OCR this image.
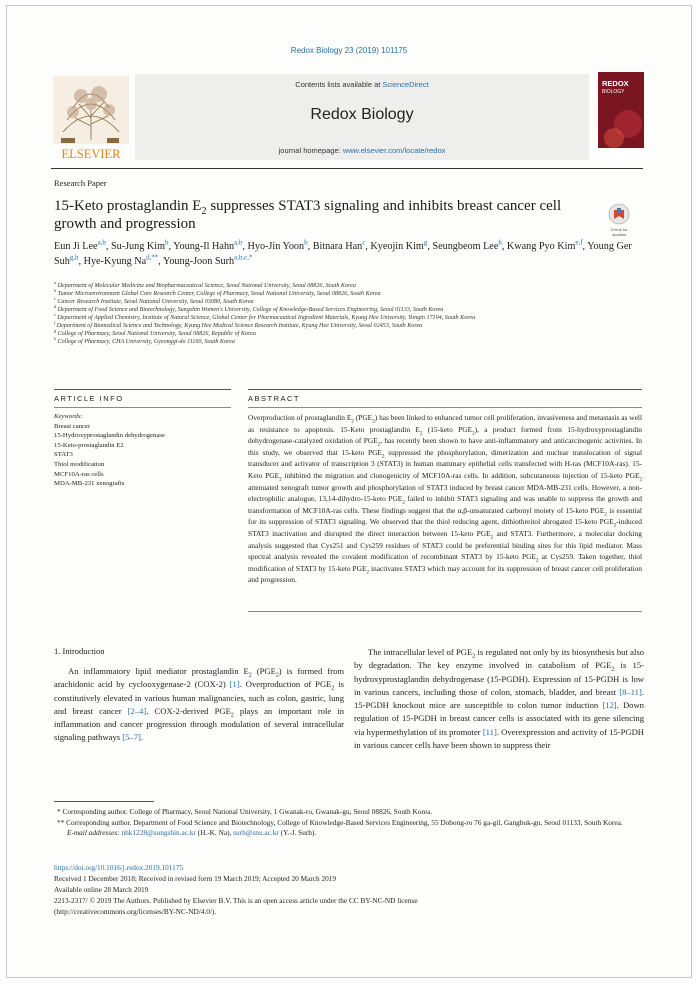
Redox Biology 23 (2019) 101175
ELSEVIER
Contents lists available at ScienceDirect
Redox Biology
journal homepage: www.elsevier.com/locate/redox
REDOX
BIOLOGY
Research Paper
15-Keto prostaglandin $E_2$ suppresses STAT3 signaling and inhibits breast cancer cell growth and progression	Check for updates
Eun Ji Lee$^{a,b}$, Su-Jung Kim$^b$, Young-Il Hahn$^{a,b}$, Hyo-Jin Yoon$^b$, Bitnara Han$^c$, Kyeojin Kim$^g$, Seungbeom Lee$^h$, Kwang Pyo Kim$^{e,f}$, Young Ger Suh$^{g,h}$, Hye-Kyung $Na^{d,**}$, Young-Joon Surh$^{a,b,c,*}$
$^a$ Department of Molecular Medicine and Biopharmaceutical Science, Seoul National University, Seoul 08826, South Korea
$^b$ Tumor Microenvironment Global Core Research Center, College of Pharmacy, Seoul National University, Seoul 08826, South Korea
$^c$ Cancer Research Institute, Seoul National University, Seoul 03080, South Korea
$^d$ Department of Food Science and Biotechnology, Sungshin Women's University, College of Knowledge-Based Services Engineering, Seoul 01133, South Korea
$^e$ Department of Applied Chemistry, Institute of Natural Science, Global Center for Pharmaceutical Ingredient Materials, Kyung Hee University, Yongin 17104, South Korea
$^f$ Department of Biomedical Science and Technology, Kyung Hee Medical Science Research Institute, Kyung Hee University, Seoul 02453, South Korea
$^g$ College of Pharmacy, Seoul National University, Seoul 08826, Republic of Korea
$^h$ College of Pharmacy, CHA University, Gyeonggi-do 11160, South Korea
ARTICLE INFO	ABSTRACT
Keywords:
Breast cancer
15-Hydroxyprostaglandin dehydrogenase
15-Keto-prostaglandin E2
STAT3
Thiol modification
MCF10A-ras cells
MDA-MB-231 xenografts
Overproduction of prostaglandin $E_2$ $(PGE_2)$ has been linked to enhanced tumor cell proliferation, invasiveness and metastasis as well as resistance to apoptosis. 15-Keto prostaglandin $E_2$ (15-keto $PGE_2$), a product formed from 15-hydroxyprostaglandin dehydrogenase-catalyzed oxidation of $PGE_2$, has recently been shown to have anti-inflammatory and anticarcinogenic activities. In this study, we observed that 15-keto $PGE_2$ suppressed the phosphorylation, dimerization and nuclear translocation of signal transducer and activator of transcription 3 (STAT3) in human mammary epithelial cells transfected with H-ras (MCF10A-ras). 15-Keto $PGE_2$ inhibited the migration and clonogenicity of MCF10A-ras cells. In addition, subcutaneous injection of 15-keto $PGE_2$ attenuated xenograft tumor growth and phosphorylation of STAT3 induced by breast cancer MDA-MB-231 cells. However, a non-electrophilic analogue, 13,14-dihydro-15-keto $PGE_2$ failed to inhibit STAT3 signaling and was unable to suppress the growth and transformation of MCF10A-ras cells. These findings suggest that the α,β-unsaturated carbonyl moiety of 15-keto $PGE_2$ is essential for its suppression of STAT3 signaling. We observed that the thiol reducing agent, dithiothreitol abrogated 15-keto $PGE_2$-induced STAT3 inactivation and disrupted the direct interaction between 15-keto $PGE_2$ and STAT3. Furthermore, a molecular docking analysis suggested that Cys251 and Cys259 residues of STAT3 could be preferential binding sites for this lipid mediator. Mass spectral analysis revealed the covalent modification of recombinant STAT3 by 15-keto $PGE_2$ at Cys259. Taken together, thiol modification of STAT3 by 15-keto $PGE_2$ inactivates STAT3 which may account for its suppression of breast cancer cell proliferation and progression.
1. Introduction
An inflammatory lipid mediator prostaglandin $E_2$ $(PGE_2)$ is formed from arachidonic acid by cyclooxygenase-2 (COX-2) [1]. Overproduction of $PGE_2$ is constitutively elevated in various human malignancies, such as colon, gastric, lung and breast cancer [2–4]. COX-2-derived $PGE_2$ plays an important role in inflammation and cancer progression through modulation of several intracellular signaling pathways [5–7].
The intracellular level of $PGE_2$ is regulated not only by its biosynthesis but also by degradation. The key enzyme involved in catabolism of $PGE_2$ is 15-hydroxyprostaglandin dehydrogenase (15-PGDH). Expression of 15-PGDH is low in various cancers, including those of colon, stomach, bladder, and breast [8–11]. 15-PGDH knockout mice are susceptible to colon tumor induction [12]. Down regulation of 15-PGDH in breast cancer cells is associated with its gene silencing via hypermethylation of its promoter [11]. Overexpression and activity of 15-PGDH in various cancer cells have been shown to suppress their
* Corresponding author. College of Pharmacy, Seoul National University, 1 Gwanak-ro, Gwanak-gu, Seoul 08826, South Korea.
** Corresponding author. Department of Food Science and Biotechnology, College of Knowledge-Based Services Engineering, 55 Dobong-ro 76 ga-gil, Gangbuk-gu, Seoul 01133, South Korea.
E-mail addresses: nhk1228@sungshin.ac.kr (H.-K. Na), surh@snu.ac.kr (Y.-J. Surh).
https://doi.org/10.1016/j.redox.2019.101175
Received 1 December 2018; Received in revised form 19 March 2019; Accepted 20 March 2019
Available online 28 March 2019
2213-2317/ © 2019 The Authors. Published by Elsevier B.V. This is an open access article under the CC BY-NC-ND license
(http://creativecommons.org/licenses/BY-NC-ND/4.0/).
